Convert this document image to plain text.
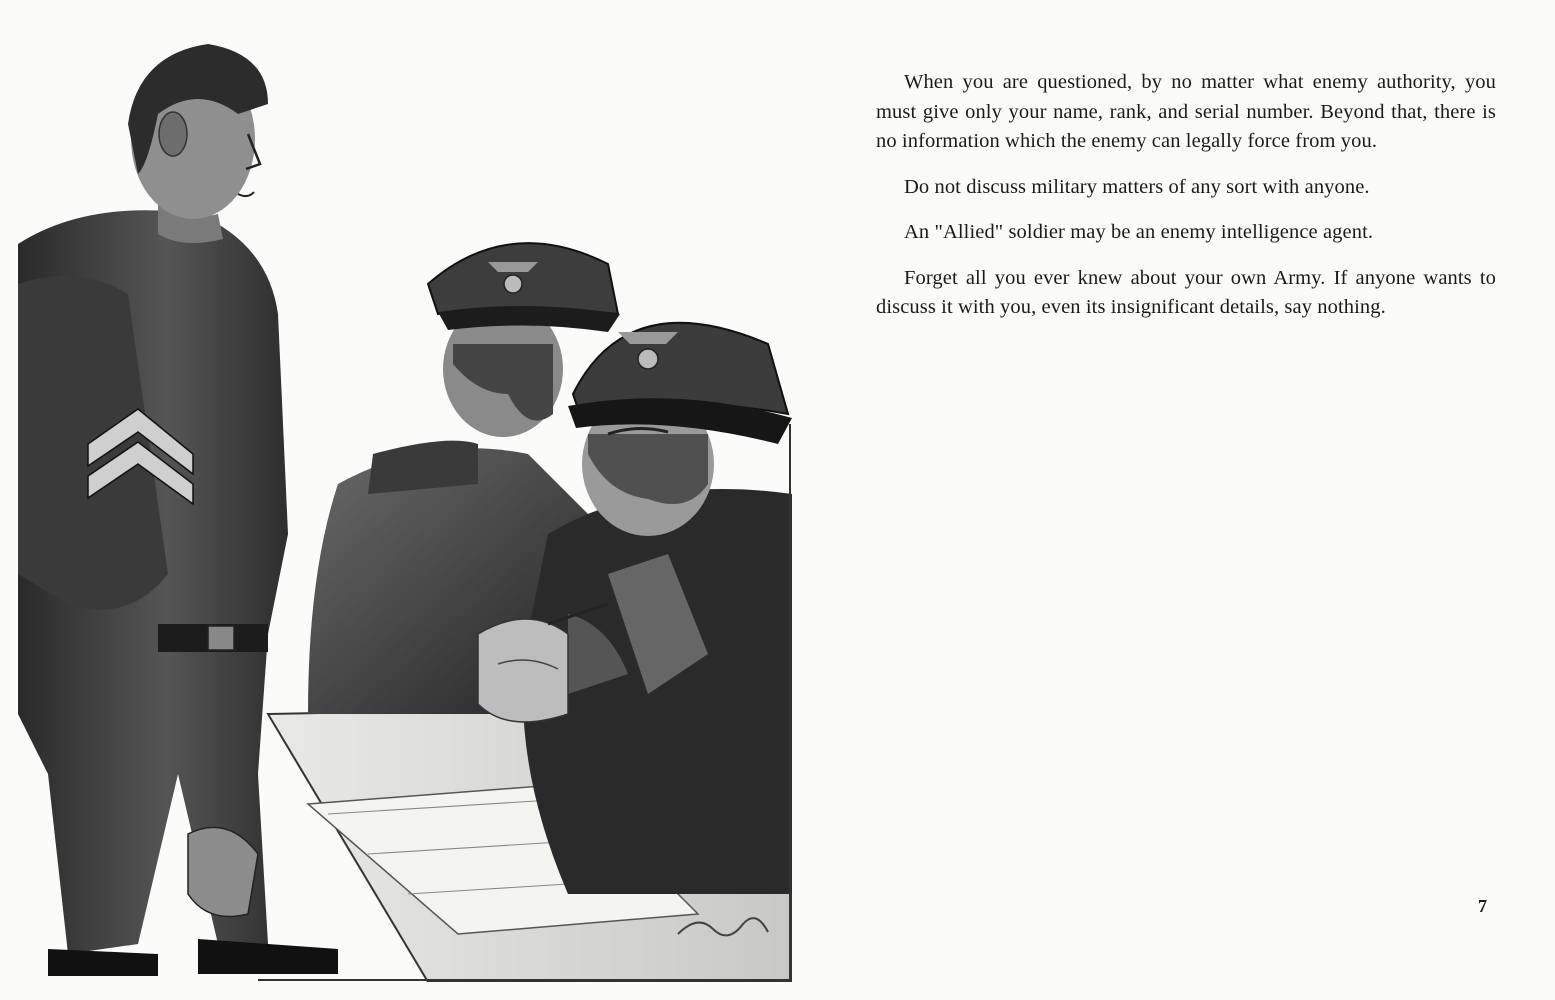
When you are questioned, by no matter what enemy authority, you must give only your name, rank, and serial number. Beyond that, there is no information which the enemy can legally force from you.

Do not discuss military matters of any sort with anyone.

An "Allied" soldier may be an enemy intelligence agent.

Forget all you ever knew about your own Army. If anyone wants to discuss it with you, even its insignificant details, say nothing.

7
